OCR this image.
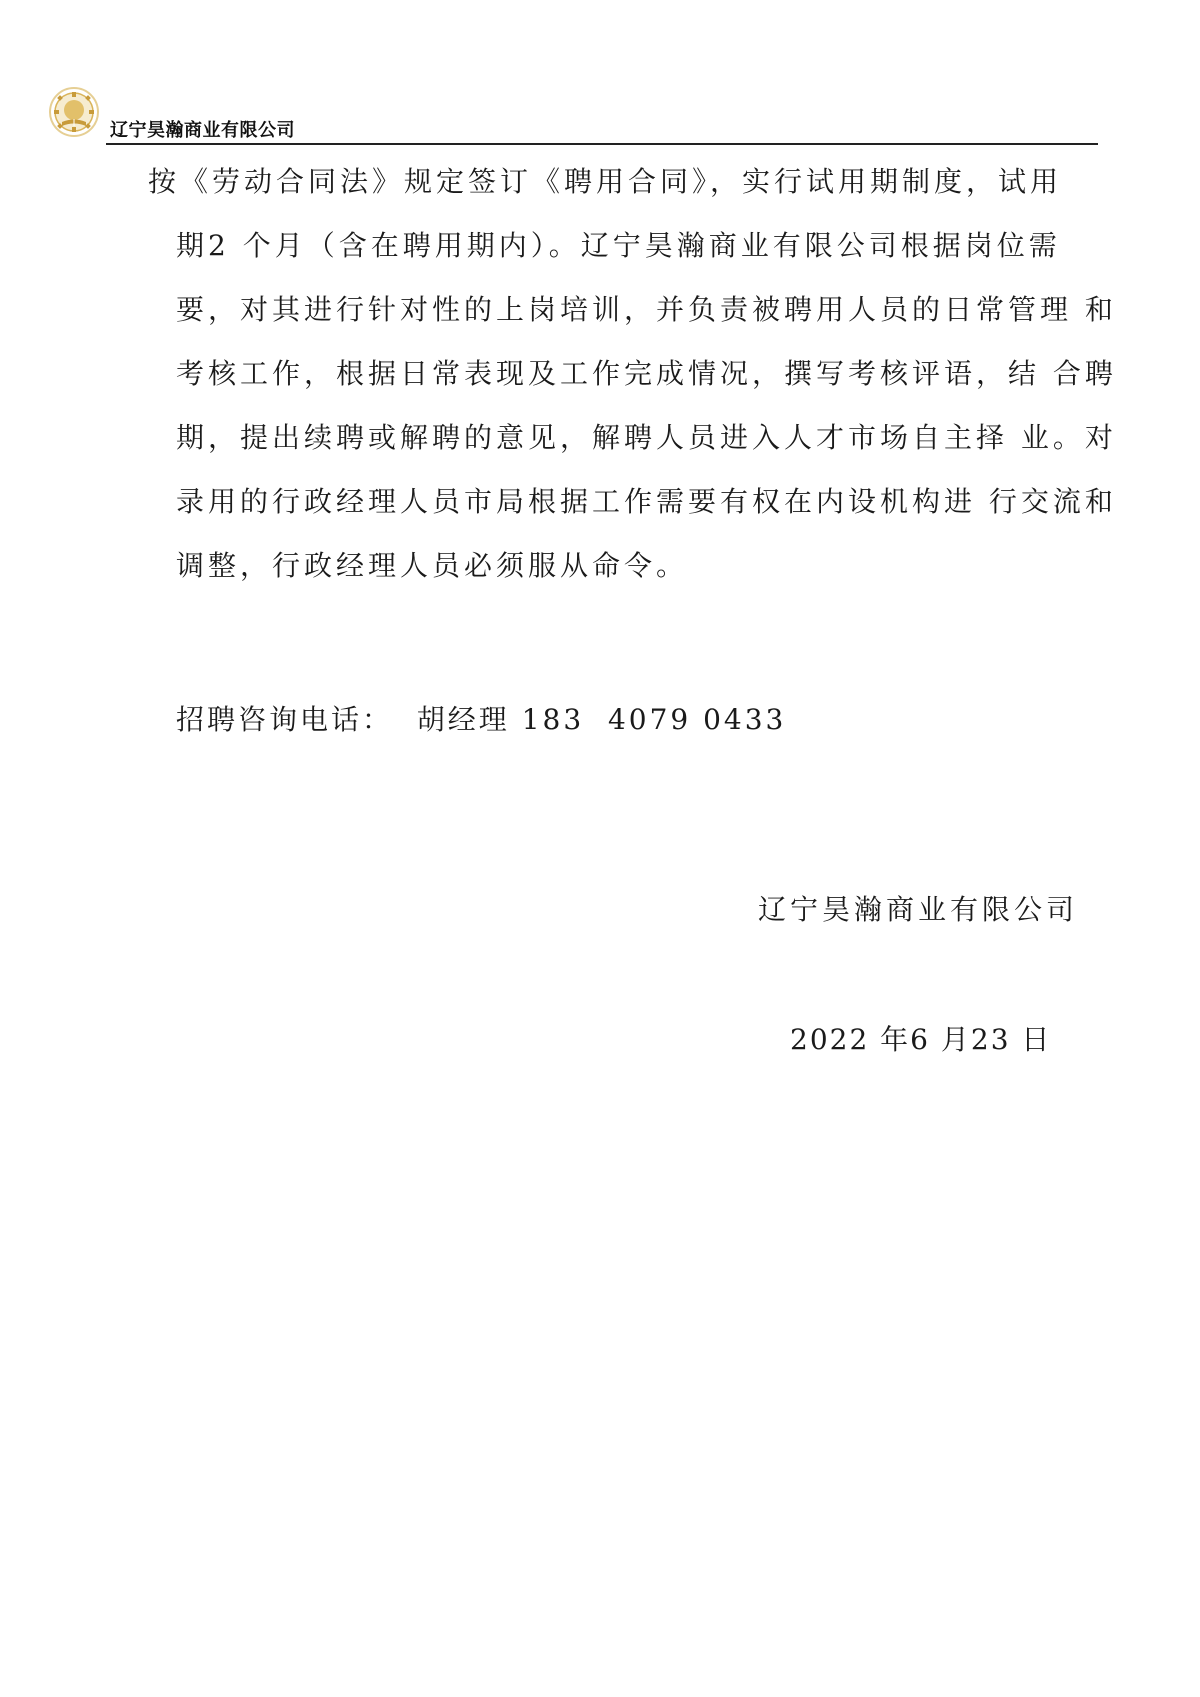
辽宁昊瀚商业有限公司
按《劳动合同法》规定签订《聘用合同》，实行试用期制度，试用
期2 个月（含在聘用期内）。辽宁昊瀚商业有限公司根据岗位需
要，对其进行针对性的上岗培训，并负责被聘用人员的日常管理 和
考核工作，根据日常表现及工作完成情况，撰写考核评语，结 合聘
期，提出续聘或解聘的意见，解聘人员进入人才市场自主择 业。对
录用的行政经理人员市局根据工作需要有权在内设机构进 行交流和
调整，行政经理人员必须服从命令。
招聘咨询电话：  胡经理 183  4079 0433
辽宁昊瀚商业有限公司
2022 年6 月23 日
